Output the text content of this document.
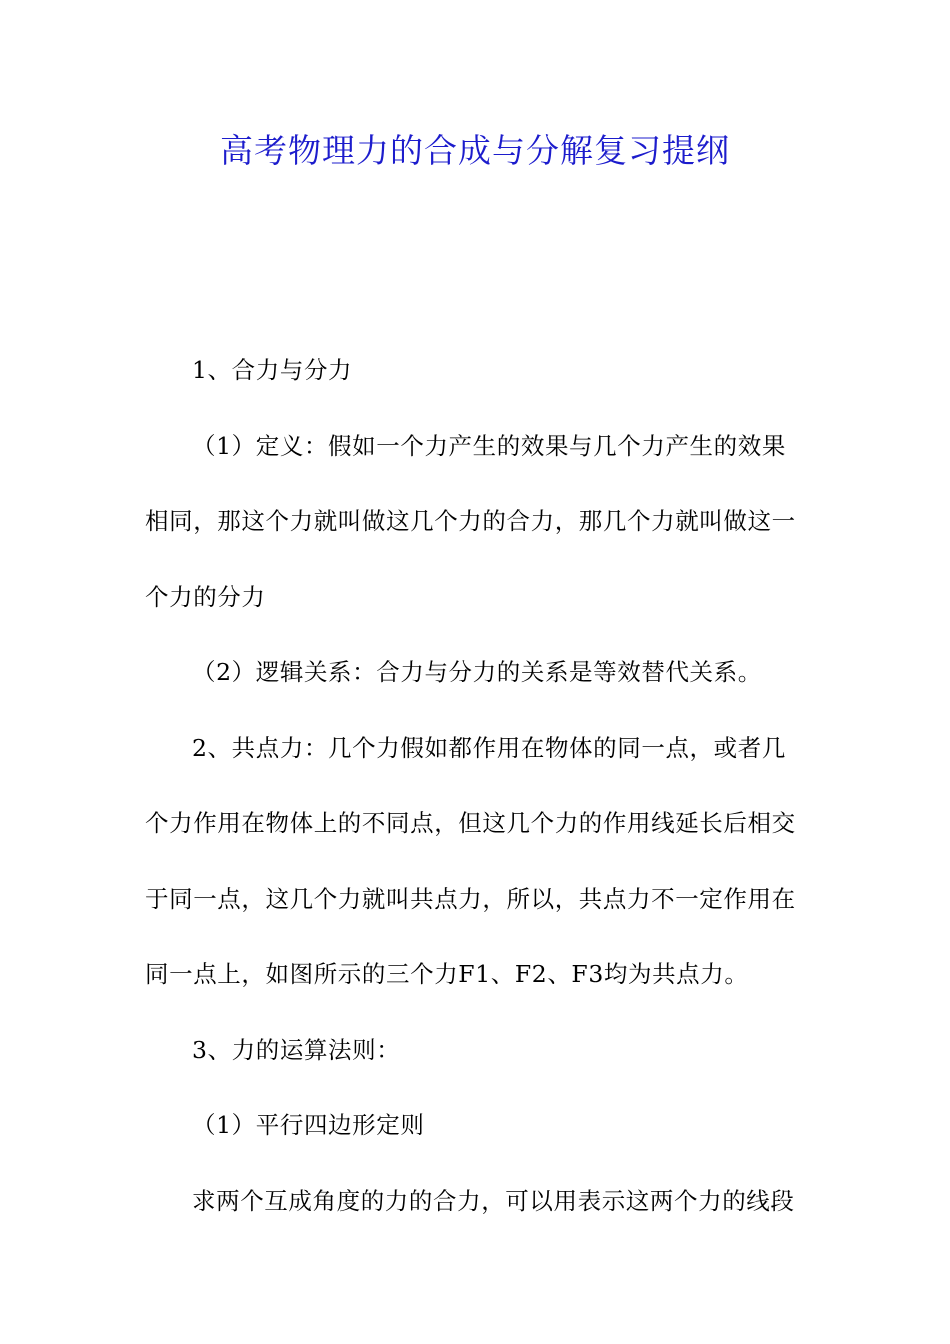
高考物理力的合成与分解复习提纲

1、合力与分力

（1）定义：假如一个力产生的效果与几个力产生的效果相同，那这个力就叫做这几个力的合力，那几个力就叫做这一个力的分力

（2）逻辑关系：合力与分力的关系是等效替代关系。

2、共点力：几个力假如都作用在物体的同一点，或者几个力作用在物体上的不同点，但这几个力的作用线延长后相交于同一点，这几个力就叫共点力，所以，共点力不一定作用在同一点上，如图所示的三个力F1、F2、F3均为共点力。

3、力的运算法则：

（1）平行四边形定则

求两个互成角度的力的合力，可以用表示这两个力的线段
